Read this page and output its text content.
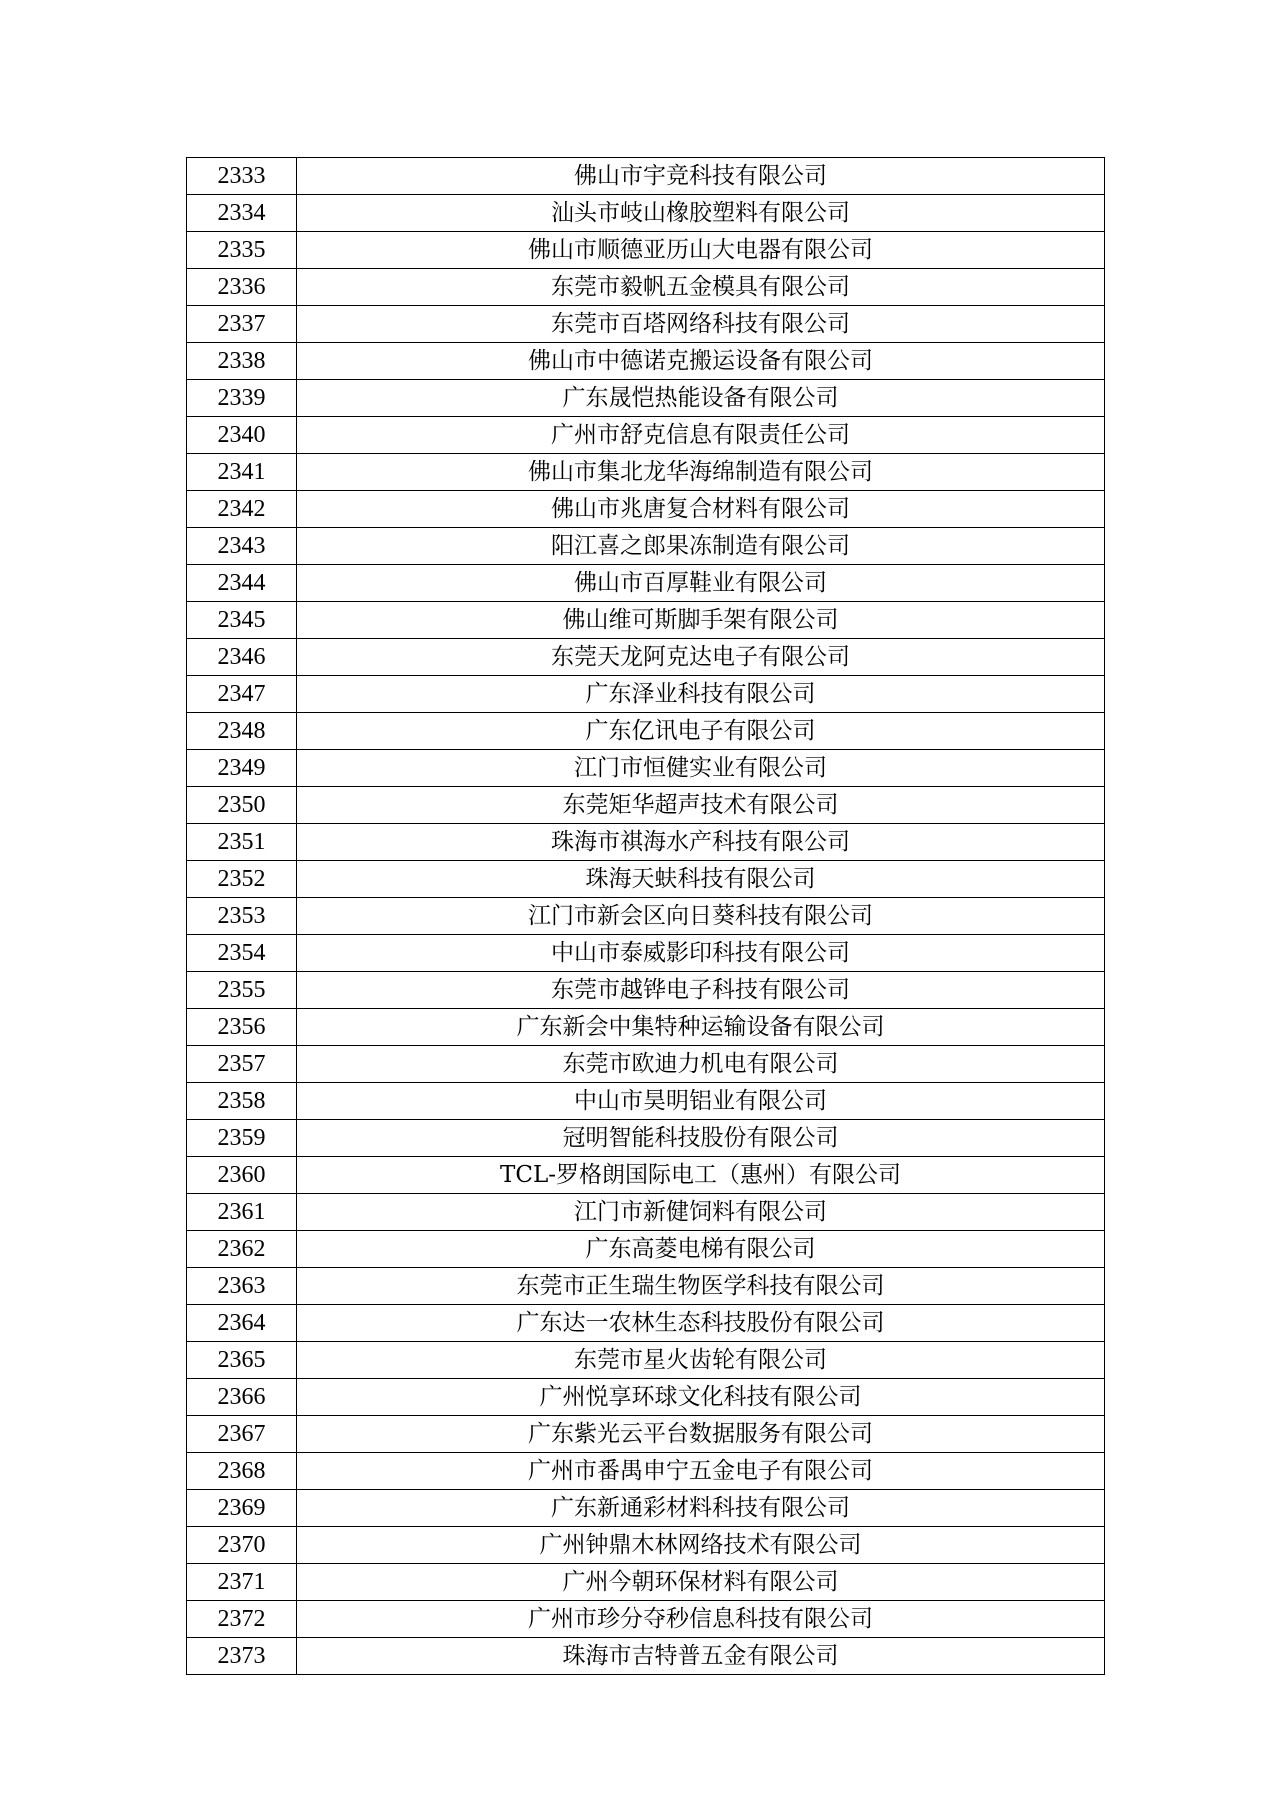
2333	佛山市宇竞科技有限公司
2334	汕头市岐山橡胶塑料有限公司
2335	佛山市顺德亚历山大电器有限公司
2336	东莞市毅帆五金模具有限公司
2337	东莞市百塔网络科技有限公司
2338	佛山市中德诺克搬运设备有限公司
2339	广东晟恺热能设备有限公司
2340	广州市舒克信息有限责任公司
2341	佛山市集北龙华海绵制造有限公司
2342	佛山市兆唐复合材料有限公司
2343	阳江喜之郎果冻制造有限公司
2344	佛山市百厚鞋业有限公司
2345	佛山维可斯脚手架有限公司
2346	东莞天龙阿克达电子有限公司
2347	广东泽业科技有限公司
2348	广东亿讯电子有限公司
2349	江门市恒健实业有限公司
2350	东莞矩华超声技术有限公司
2351	珠海市祺海水产科技有限公司
2352	珠海天蚨科技有限公司
2353	江门市新会区向日葵科技有限公司
2354	中山市泰威影印科技有限公司
2355	东莞市越铧电子科技有限公司
2356	广东新会中集特种运输设备有限公司
2357	东莞市欧迪力机电有限公司
2358	中山市昊明铝业有限公司
2359	冠明智能科技股份有限公司
2360	TCL-罗格朗国际电工（惠州）有限公司
2361	江门市新健饲料有限公司
2362	广东高菱电梯有限公司
2363	东莞市正生瑞生物医学科技有限公司
2364	广东达一农林生态科技股份有限公司
2365	东莞市星火齿轮有限公司
2366	广州悦享环球文化科技有限公司
2367	广东紫光云平台数据服务有限公司
2368	广州市番禺申宁五金电子有限公司
2369	广东新通彩材料科技有限公司
2370	广州钟鼎木林网络技术有限公司
2371	广州今朝环保材料有限公司
2372	广州市珍分夺秒信息科技有限公司
2373	珠海市吉特普五金有限公司
